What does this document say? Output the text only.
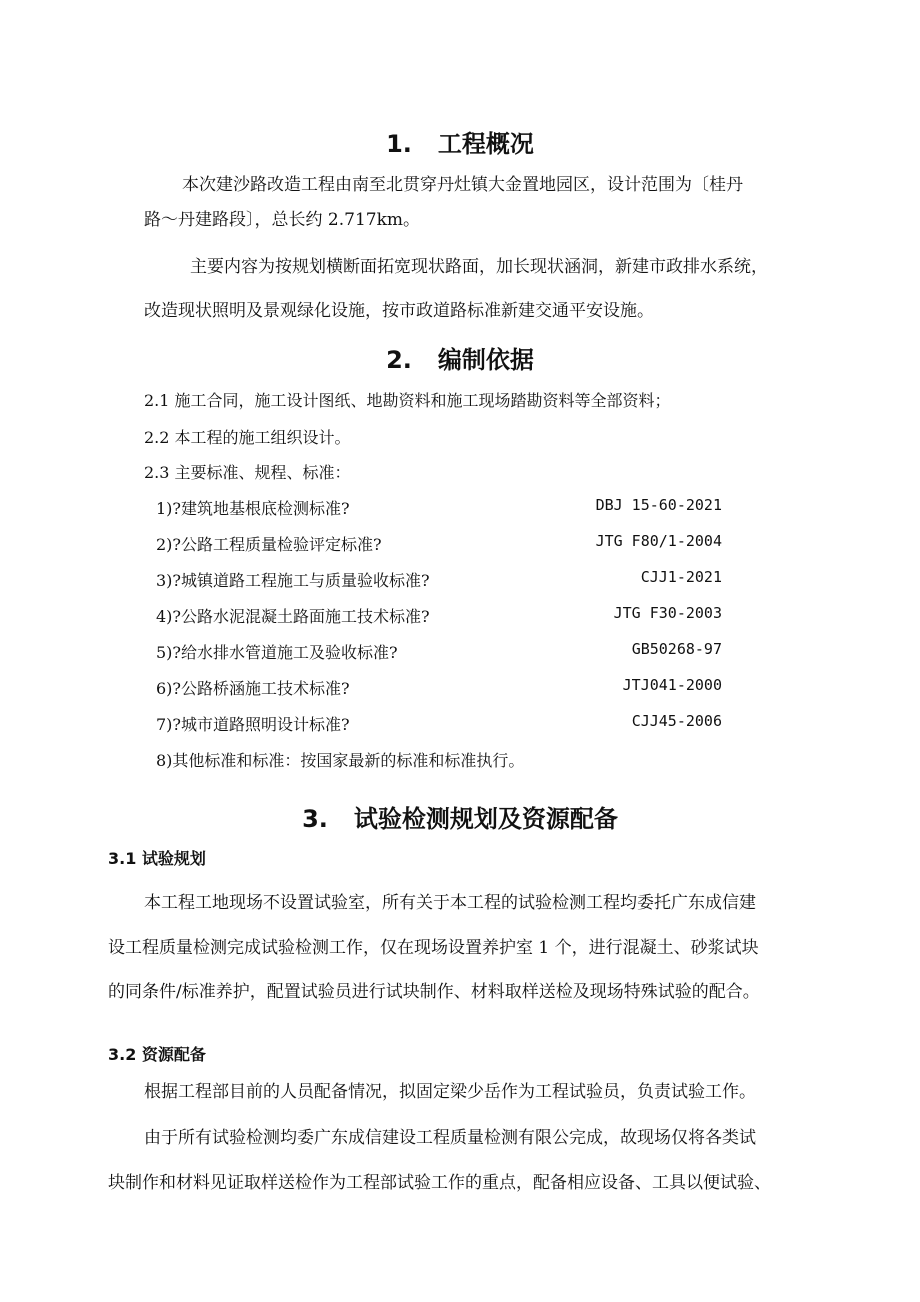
1. 工程概况
本次建沙路改造工程由南至北贯穿丹灶镇大金置地园区，设计范围为〔桂丹
路～丹建路段〕，总长约 2.717km。
主要内容为按规划横断面拓宽现状路面，加长现状涵洞，新建市政排水系统，
改造现状照明及景观绿化设施，按市政道路标准新建交通平安设施。
2. 编制依据
2.1 施工合同，施工设计图纸、地勘资料和施工现场踏勘资料等全部资料；
2.2 本工程的施工组织设计。
2.3 主要标准、规程、标准：
1)?建筑地基根底检测标准?	DBJ 15-60-2021
2)?公路工程质量检验评定标准?	JTG F80/1-2004
3)?城镇道路工程施工与质量验收标准?	CJJ1-2021
4)?公路水泥混凝土路面施工技术标准?	JTG F30-2003
5)?给水排水管道施工及验收标准?	GB50268-97
6)?公路桥涵施工技术标准?	JTJ041-2000
7)?城市道路照明设计标准?	CJJ45-2006
8)其他标准和标准：按国家最新的标准和标准执行。
3. 试验检测规划及资源配备
3.1 试验规划
本工程工地现场不设置试验室，所有关于本工程的试验检测工程均委托广东成信建
设工程质量检测完成试验检测工作，仅在现场设置养护室 1 个，进行混凝土、砂浆试块
的同条件/标准养护，配置试验员进行试块制作、材料取样送检及现场特殊试验的配合。
3.2 资源配备
根据工程部目前的人员配备情况，拟固定梁少岳作为工程试验员，负责试验工作。
由于所有试验检测均委广东成信建设工程质量检测有限公完成，故现场仅将各类试
块制作和材料见证取样送检作为工程部试验工作的重点，配备相应设备、工具以便试验、
